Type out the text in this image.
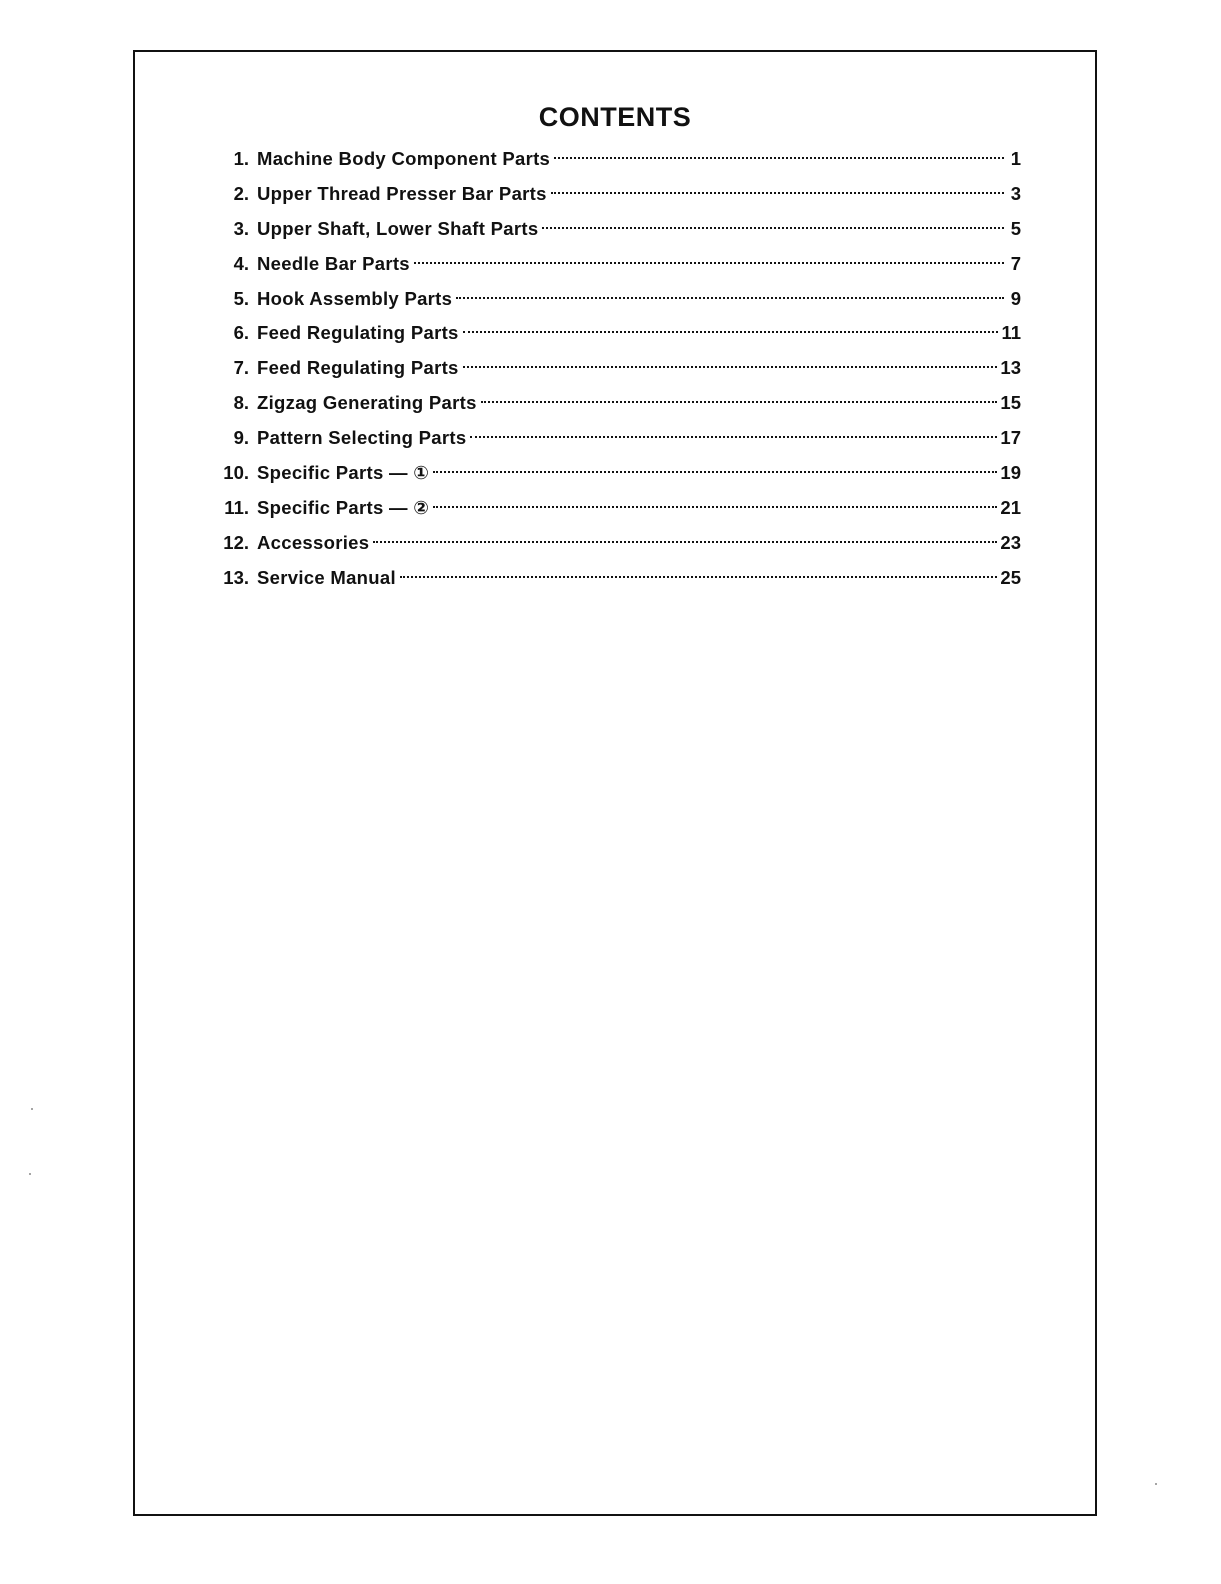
CONTENTS
1. Machine Body Component Parts	1
2. Upper Thread Presser Bar Parts	3
3. Upper Shaft, Lower Shaft Parts	5
4. Needle Bar Parts	7
5. Hook Assembly Parts	9
6. Feed Regulating Parts	11
7. Feed Regulating Parts	13
8. Zigzag Generating Parts	15
9. Pattern Selecting Parts	17
10. Specific Parts — ①	19
11. Specific Parts — ②	21
12. Accessories	23
13. Service Manual	25
